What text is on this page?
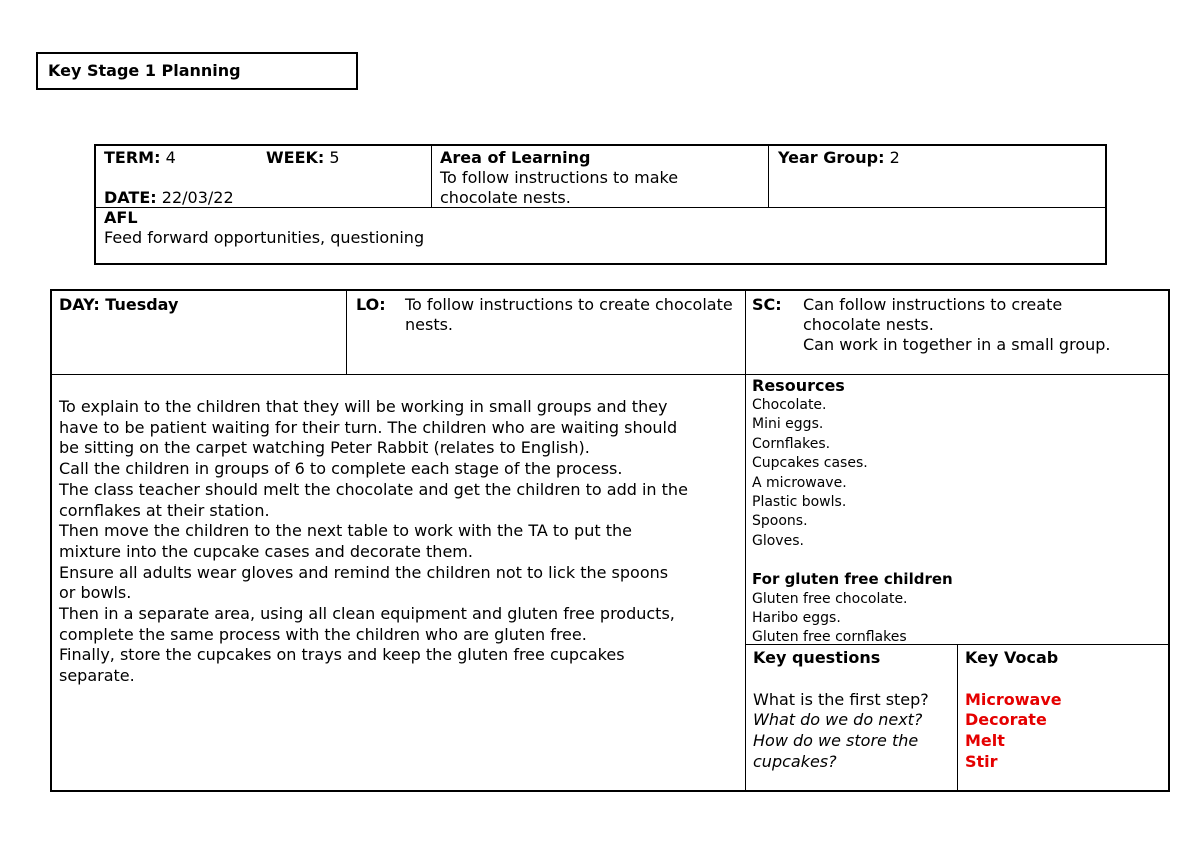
Key Stage 1 Planning
TERM: 4	WEEK: 5
DATE: 22/03/22
Area of Learning
To follow instructions to make
chocolate nests.
Year Group: 2
AFL
Feed forward opportunities, questioning
DAY: Tuesday	LO: To follow instructions to create chocolate
nests.
SC: Can follow instructions to create
chocolate nests.
Can work in together in a small group.
To explain to the children that they will be working in small groups and they
have to be patient waiting for their turn. The children who are waiting should
be sitting on the carpet watching Peter Rabbit (relates to English).
Call the children in groups of 6 to complete each stage of the process.
The class teacher should melt the chocolate and get the children to add in the
cornflakes at their station.
Then move the children to the next table to work with the TA to put the
mixture into the cupcake cases and decorate them.
Ensure all adults wear gloves and remind the children not to lick the spoons
or bowls.
Then in a separate area, using all clean equipment and gluten free products,
complete the same process with the children who are gluten free.
Finally, store the cupcakes on trays and keep the gluten free cupcakes
separate.
Resources
Chocolate.
Mini eggs.
Cornflakes.
Cupcakes cases.
A microwave.
Plastic bowls.
Spoons.
Gloves.
For gluten free children
Gluten free chocolate.
Haribo eggs.
Gluten free cornflakes
Key questions
What is the first step?
What do we do next?
How do we store the
cupcakes?
Key Vocab
Microwave
Decorate
Melt
Stir
